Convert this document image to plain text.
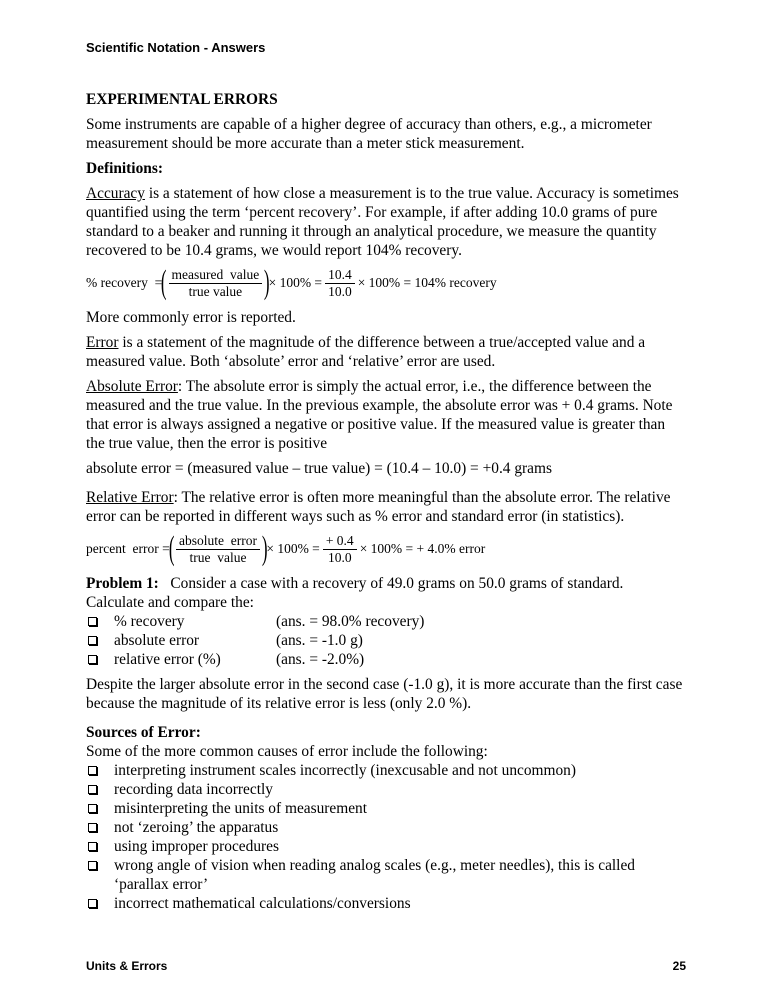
Scientific Notation - Answers
EXPERIMENTAL ERRORS
Some instruments are capable of a higher degree of accuracy than others, e.g., a micrometer measurement should be more accurate than a meter stick measurement.
Definitions:
Accuracy is a statement of how close a measurement is to the true value. Accuracy is sometimes quantified using the term ‘percent recovery’. For example, if after adding 10.0 grams of pure standard to a beaker and running it through an analytical procedure, we measure the quantity recovered to be 10.4 grams, we would report 104% recovery.
% recovery  =
( $\frac{\text{measured  value}}{\text{true value}}$ )
× $100\% = \frac{10.4}{10.0} \times 100\% = 104\%$ recovery
More commonly error is reported.
Error is a statement of the magnitude of the difference between a true/accepted value and a measured value. Both ‘absolute’ error and ‘relative’ error are used.
Absolute Error: The absolute error is simply the actual error, i.e., the difference between the measured and the true value. In the previous example, the absolute error was + 0.4 grams. Note that error is always assigned a negative or positive value. If the measured value is greater than the true value, then the error is positive
absolute error = (measured value – true value) = (10.4 – 10.0) = +0.4 grams
Relative Error: The relative error is often more meaningful than the absolute error. The relative error can be reported in different ways such as % error and standard error (in statistics).
percent  error =
( $\frac{\text{absolute  error}}{\text{true  value}}$ )
× $100\% = \frac{+ 0.4}{10.0} \times 100\%$ = + 4.0% error
Problem 1:   Consider a case with a recovery of 49.0 grams on 50.0 grams of standard.
Calculate and compare the:
% recovery	(ans. = 98.0% recovery)
absolute error	(ans. = -1.0 g)
relative error (%)	(ans. = -2.0%)
Despite the larger absolute error in the second case (-1.0 g), it is more accurate than the first case because the magnitude of its relative error is less (only 2.0 %).
Sources of Error:
Some of the more common causes of error include the following:
interpreting instrument scales incorrectly (inexcusable and not uncommon)
recording data incorrectly
misinterpreting the units of measurement
not ‘zeroing’ the apparatus
using improper procedures
wrong angle of vision when reading analog scales (e.g., meter needles), this is called ‘parallax error’
incorrect mathematical calculations/conversions
Units & Errors	25
